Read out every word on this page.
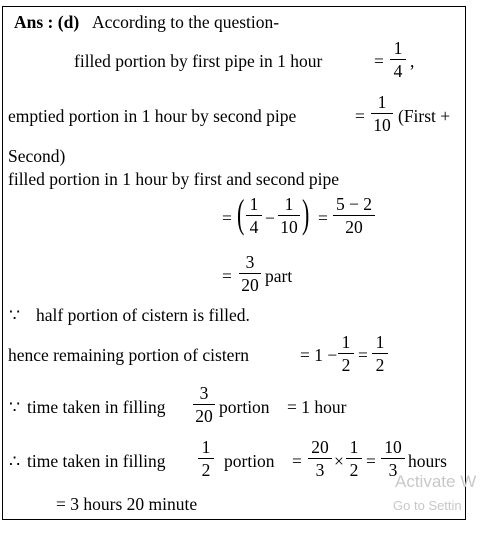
Ans : (d) According to the question-
filled portion by first pipe in 1 hour	=
1
4 ,
emptied portion in 1 hour by second pipe	=
1
10 (First +
Second)
filled portion in 1 hour by first and second pipe
= ( 1
4 −
1
10 ) =
5 − 2
20
=
3
20 part
∵ half portion of cistern is filled.
hence remaining portion of cistern	= 1 −
1
2 =
1
2
∵ time taken in filling
3
20 portion = 1 hour
∴ time taken in filling
1
2 portion =
20
3 ×
1
2 =
10
3 hours
= 3 hours 20 minute
Activate W
Go to Settin
